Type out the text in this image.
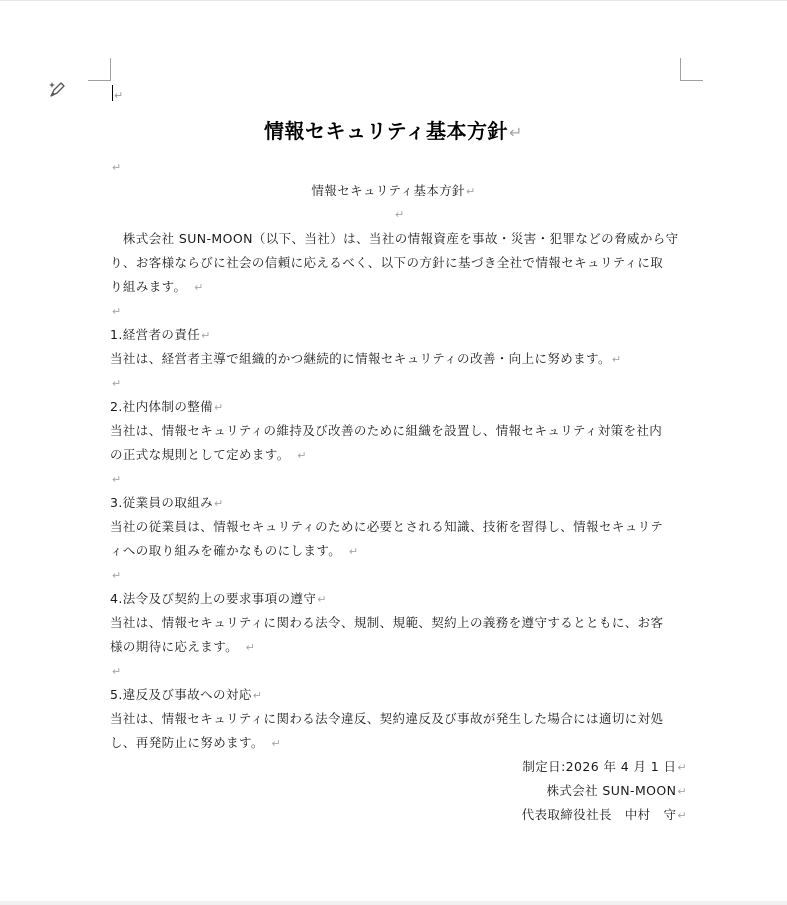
↵
情報セキュリティ基本方針↵
↵
情報セキュリティ基本方針↵
↵
　株式会社 SUN-MOON（以下、当社）は、当社の情報資産を事故・災害・犯罪などの脅威から守
り、お客様ならびに社会の信頼に応えるべく、以下の方針に基づき全社で情報セキュリティに取
り組みます。　 ↵
↵
1.経営者の責任↵
当社は、経営者主導で組織的かつ継続的に情報セキュリティの改善・向上に努めます。↵
↵
2.社内体制の整備↵
当社は、情報セキュリティの維持及び改善のために組織を設置し、情報セキュリティ対策を社内
の正式な規則として定めます。　 ↵
↵
3.従業員の取組み↵
当社の従業員は、情報セキュリティのために必要とされる知識、技術を習得し、情報セキュリテ
ィへの取り組みを確かなものにします。　 ↵
↵
4.法令及び契約上の要求事項の遵守↵
当社は、情報セキュリティに関わる法令、規制、規範、契約上の義務を遵守するとともに、お客
様の期待に応えます。　 ↵
↵
5.違反及び事故への対応↵
当社は、情報セキュリティに関わる法令違反、契約違反及び事故が発生した場合には適切に対処
し、再発防止に努めます。　 ↵
制定日:2026 年 4 月 1 日↵
株式会社 SUN-MOON↵
代表取締役社長　中村　守↵
